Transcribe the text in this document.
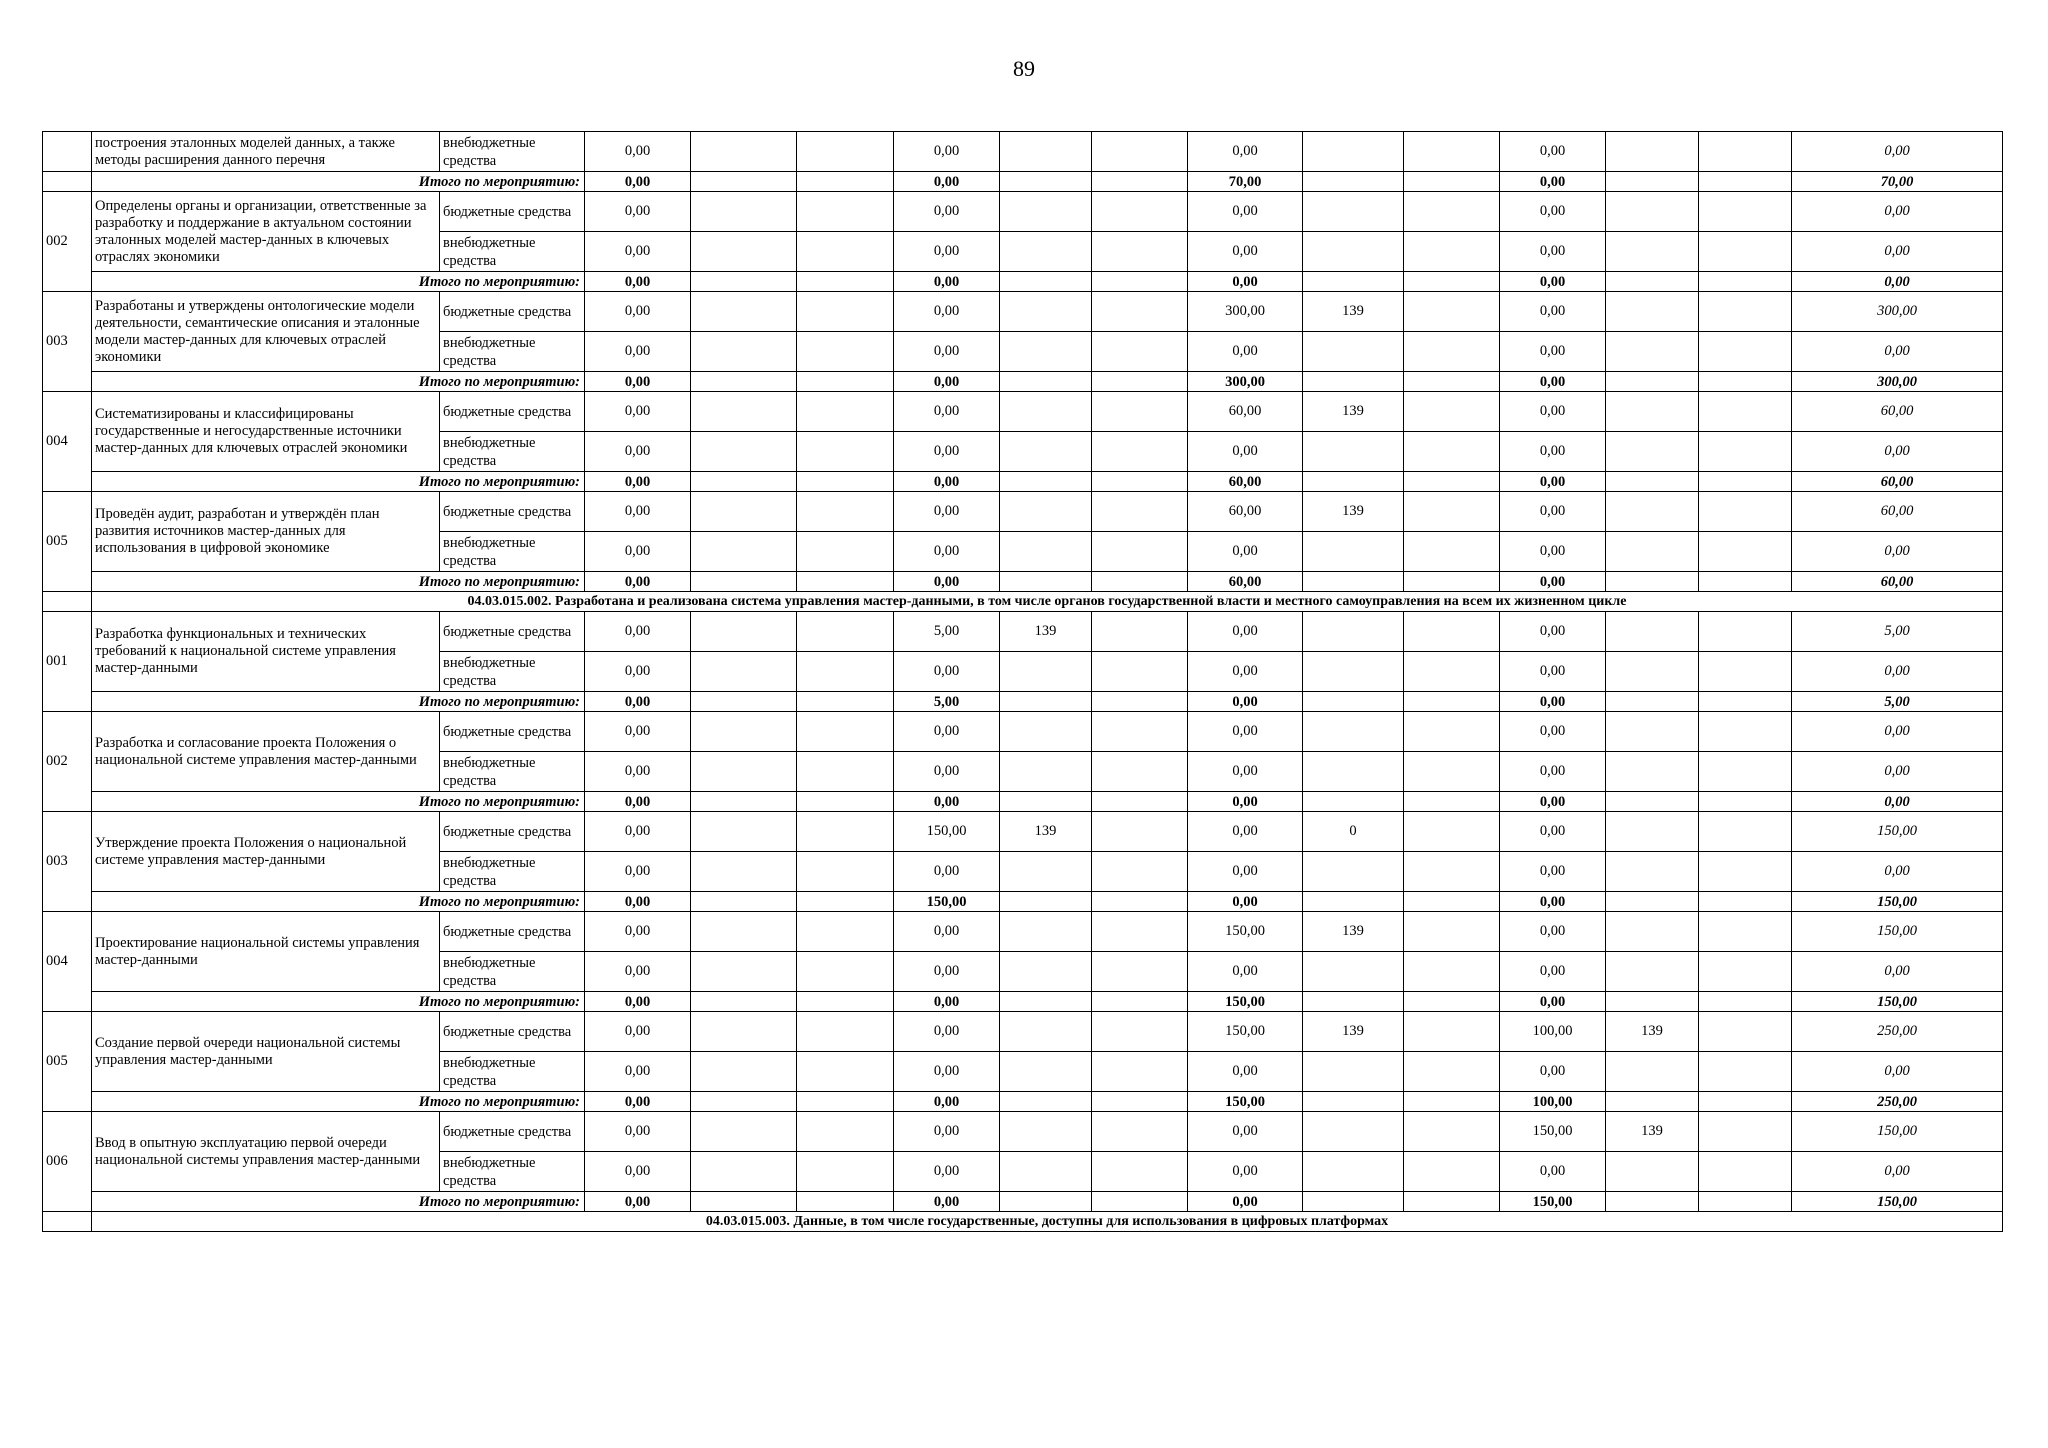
89
	построения эталонных моделей данных, а также методы расширения данного перечня	внебюджетные средства	0,00			0,00			0,00			0,00			0,00
	Итого по мероприятию:		0,00			0,00			70,00			0,00			70,00
002	Определены органы и организации, ответственные за разработку и поддержание в актуальном состоянии эталонных моделей мастер-данных в ключевых отраслях экономики	бюджетные средства	0,00			0,00			0,00			0,00			0,00
		внебюджетные средства	0,00			0,00			0,00			0,00			0,00
	Итого по мероприятию:		0,00			0,00			0,00			0,00			0,00
003	Разработаны и утверждены онтологические модели деятельности, семантические описания и эталонные модели мастер-данных для ключевых отраслей экономики	бюджетные средства	0,00			0,00			300,00	139		0,00			300,00
		внебюджетные средства	0,00			0,00			0,00			0,00			0,00
	Итого по мероприятию:		0,00			0,00			300,00			0,00			300,00
004	Систематизированы и классифицированы государственные и негосударственные источники мастер-данных для ключевых отраслей экономики	бюджетные средства	0,00			0,00			60,00	139		0,00			60,00
		внебюджетные средства	0,00			0,00			0,00			0,00			0,00
	Итого по мероприятию:		0,00			0,00			60,00			0,00			60,00
005	Проведён аудит, разработан и утверждён план развития источников мастер-данных для использования в цифровой экономике	бюджетные средства	0,00			0,00			60,00	139		0,00			60,00
		внебюджетные средства	0,00			0,00			0,00			0,00			0,00
	Итого по мероприятию:		0,00			0,00			60,00			0,00			60,00
	04.03.015.002. Разработана и реализована система управления мастер-данными, в том числе органов государственной власти и местного самоуправления на всем их жизненном цикле														
001	Разработка функциональных и технических требований к национальной системе управления мастер-данными	бюджетные средства	0,00			5,00	139		0,00			0,00			5,00
		внебюджетные средства	0,00			0,00			0,00			0,00			0,00
	Итого по мероприятию:		0,00			5,00			0,00			0,00			5,00
002	Разработка и согласование проекта Положения о национальной системе управления мастер-данными	бюджетные средства	0,00			0,00			0,00			0,00			0,00
		внебюджетные средства	0,00			0,00			0,00			0,00			0,00
	Итого по мероприятию:		0,00			0,00			0,00			0,00			0,00
003	Утверждение проекта Положения о национальной системе управления мастер-данными	бюджетные средства	0,00			150,00	139		0,00	0		0,00			150,00
		внебюджетные средства	0,00			0,00			0,00			0,00			0,00
	Итого по мероприятию:		0,00			150,00			0,00			0,00			150,00
004	Проектирование национальной системы управления мастер-данными	бюджетные средства	0,00			0,00			150,00	139		0,00			150,00
		внебюджетные средства	0,00			0,00			0,00			0,00			0,00
	Итого по мероприятию:		0,00			0,00			150,00			0,00			150,00
005	Создание первой очереди национальной системы управления мастер-данными	бюджетные средства	0,00			0,00			150,00	139		100,00	139		250,00
		внебюджетные средства	0,00			0,00			0,00			0,00			0,00
	Итого по мероприятию:		0,00			0,00			150,00			100,00			250,00
006	Ввод в опытную эксплуатацию первой очереди национальной системы управления мастер-данными	бюджетные средства	0,00			0,00			0,00			150,00	139		150,00
		внебюджетные средства	0,00			0,00			0,00			0,00			0,00
	Итого по мероприятию:		0,00			0,00			0,00			150,00			150,00
	04.03.015.003. Данные, в том числе государственные, доступны для использования в цифровых платформах														
